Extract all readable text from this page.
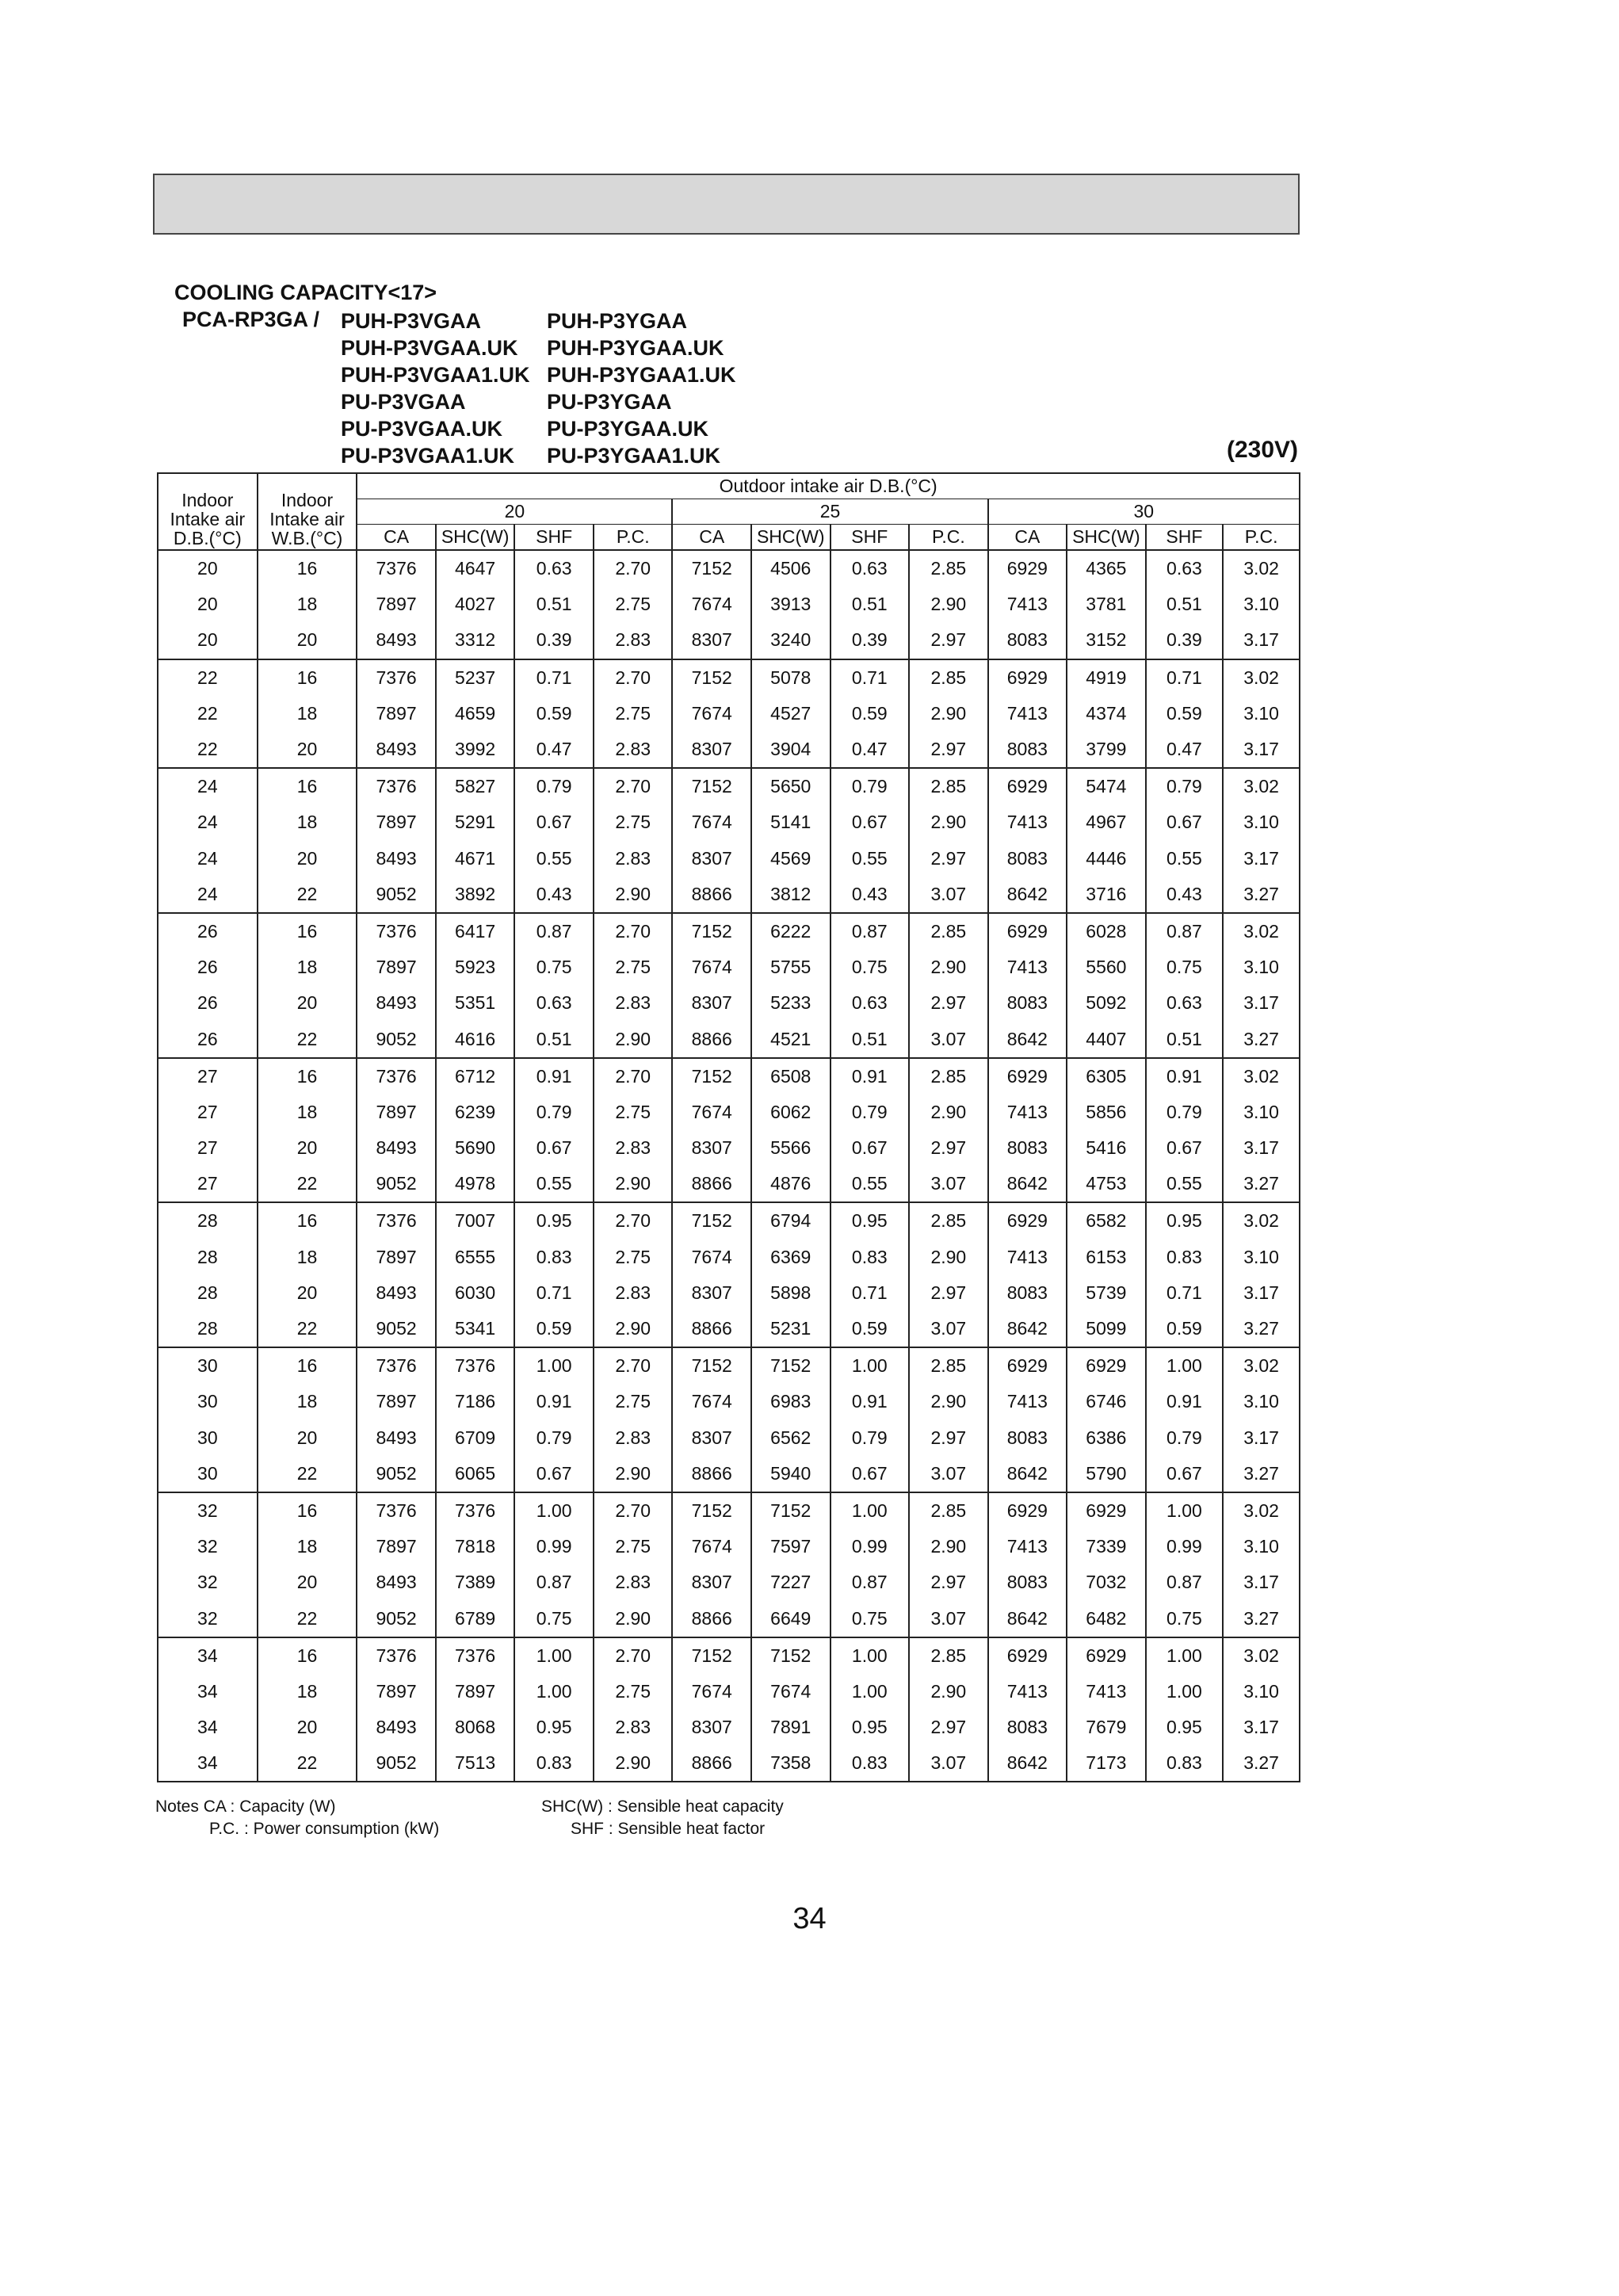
COOLING CAPACITY<17>
PCA-RP3GA / PUH-P3VGAA
PUH-P3VGAA.UK
PUH-P3VGAA1.UK
PU-P3VGAA
PU-P3VGAA.UK
PU-P3VGAA1.UK
PUH-P3YGAA
PUH-P3YGAA.UK
PUH-P3YGAA1.UK
PU-P3YGAA
PU-P3YGAA.UK
PU-P3YGAA1.UK	(230V)
Indoor Intake air D.B.(°C)	Indoor Intake air W.B.(°C)	Outdoor intake air D.B.(°C)											
		20				25				30			
		CA	SHC(W)	SHF	P.C.	CA	SHC(W)	SHF	P.C.	CA	SHC(W)	SHF	P.C.
20	16	7376	4647	0.63	2.70	7152	4506	0.63	2.85	6929	4365	0.63	3.02
20	18	7897	4027	0.51	2.75	7674	3913	0.51	2.90	7413	3781	0.51	3.10
20	20	8493	3312	0.39	2.83	8307	3240	0.39	2.97	8083	3152	0.39	3.17
22	16	7376	5237	0.71	2.70	7152	5078	0.71	2.85	6929	4919	0.71	3.02
22	18	7897	4659	0.59	2.75	7674	4527	0.59	2.90	7413	4374	0.59	3.10
22	20	8493	3992	0.47	2.83	8307	3904	0.47	2.97	8083	3799	0.47	3.17
24	16	7376	5827	0.79	2.70	7152	5650	0.79	2.85	6929	5474	0.79	3.02
24	18	7897	5291	0.67	2.75	7674	5141	0.67	2.90	7413	4967	0.67	3.10
24	20	8493	4671	0.55	2.83	8307	4569	0.55	2.97	8083	4446	0.55	3.17
24	22	9052	3892	0.43	2.90	8866	3812	0.43	3.07	8642	3716	0.43	3.27
26	16	7376	6417	0.87	2.70	7152	6222	0.87	2.85	6929	6028	0.87	3.02
26	18	7897	5923	0.75	2.75	7674	5755	0.75	2.90	7413	5560	0.75	3.10
26	20	8493	5351	0.63	2.83	8307	5233	0.63	2.97	8083	5092	0.63	3.17
26	22	9052	4616	0.51	2.90	8866	4521	0.51	3.07	8642	4407	0.51	3.27
27	16	7376	6712	0.91	2.70	7152	6508	0.91	2.85	6929	6305	0.91	3.02
27	18	7897	6239	0.79	2.75	7674	6062	0.79	2.90	7413	5856	0.79	3.10
27	20	8493	5690	0.67	2.83	8307	5566	0.67	2.97	8083	5416	0.67	3.17
27	22	9052	4978	0.55	2.90	8866	4876	0.55	3.07	8642	4753	0.55	3.27
28	16	7376	7007	0.95	2.70	7152	6794	0.95	2.85	6929	6582	0.95	3.02
28	18	7897	6555	0.83	2.75	7674	6369	0.83	2.90	7413	6153	0.83	3.10
28	20	8493	6030	0.71	2.83	8307	5898	0.71	2.97	8083	5739	0.71	3.17
28	22	9052	5341	0.59	2.90	8866	5231	0.59	3.07	8642	5099	0.59	3.27
30	16	7376	7376	1.00	2.70	7152	7152	1.00	2.85	6929	6929	1.00	3.02
30	18	7897	7186	0.91	2.75	7674	6983	0.91	2.90	7413	6746	0.91	3.10
30	20	8493	6709	0.79	2.83	8307	6562	0.79	2.97	8083	6386	0.79	3.17
30	22	9052	6065	0.67	2.90	8866	5940	0.67	3.07	8642	5790	0.67	3.27
32	16	7376	7376	1.00	2.70	7152	7152	1.00	2.85	6929	6929	1.00	3.02
32	18	7897	7818	0.99	2.75	7674	7597	0.99	2.90	7413	7339	0.99	3.10
32	20	8493	7389	0.87	2.83	8307	7227	0.87	2.97	8083	7032	0.87	3.17
32	22	9052	6789	0.75	2.90	8866	6649	0.75	3.07	8642	6482	0.75	3.27
34	16	7376	7376	1.00	2.70	7152	7152	1.00	2.85	6929	6929	1.00	3.02
34	18	7897	7897	1.00	2.75	7674	7674	1.00	2.90	7413	7413	1.00	3.10
34	20	8493	8068	0.95	2.83	8307	7891	0.95	2.97	8083	7679	0.95	3.17
34	22	9052	7513	0.83	2.90	8866	7358	0.83	3.07	8642	7173	0.83	3.27
Notes CA : Capacity (W)
P.C. : Power consumption (kW)
SHC(W) : Sensible heat capacity
SHF : Sensible heat factor
34
